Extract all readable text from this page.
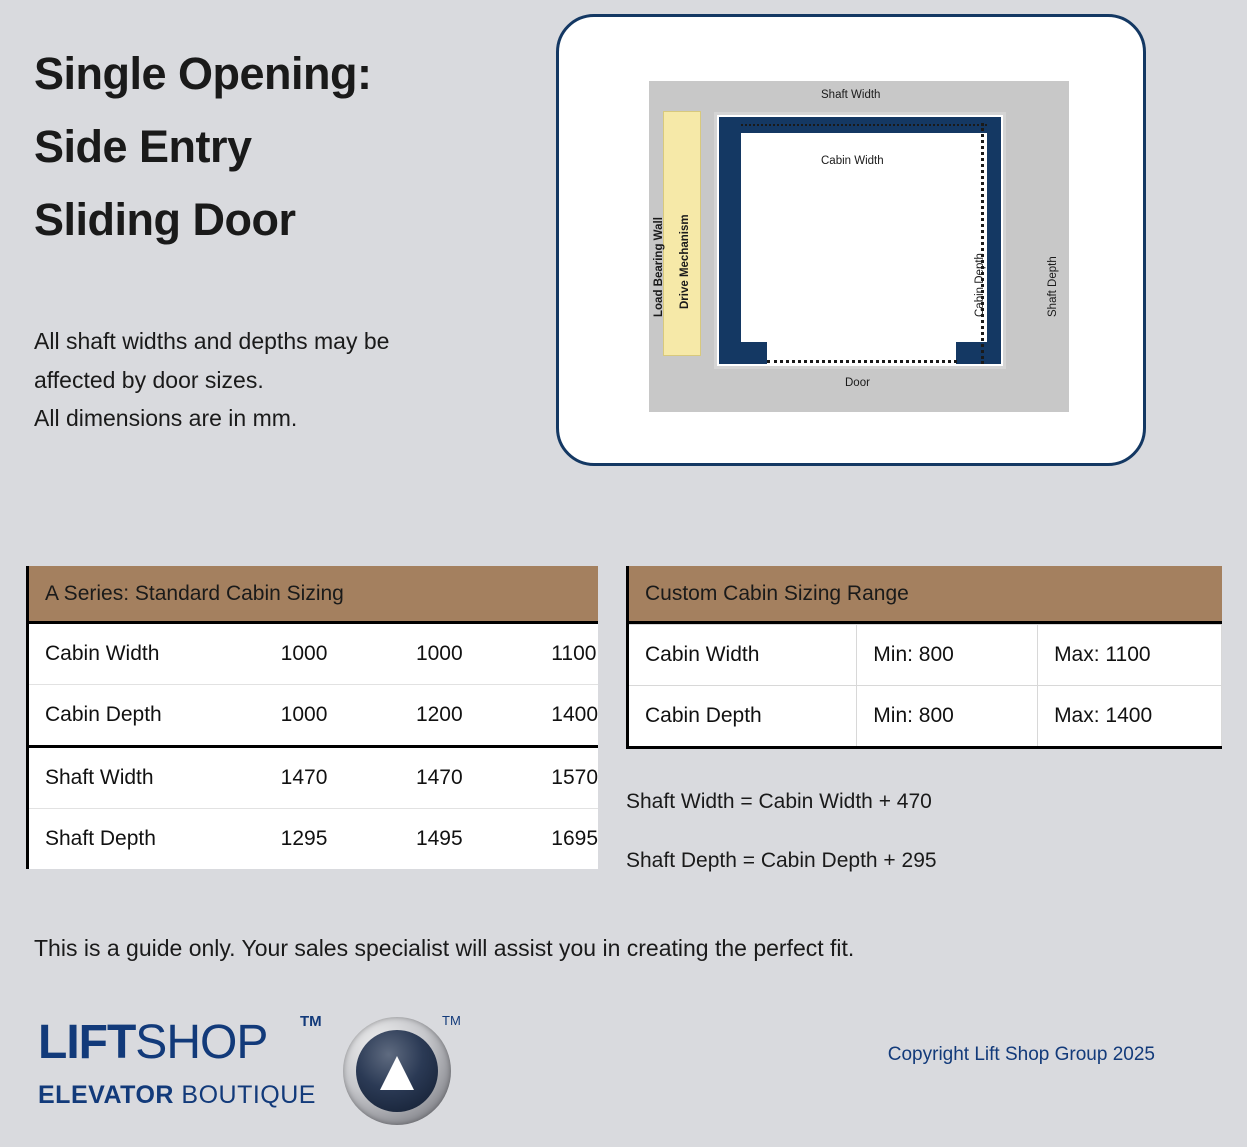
Single Opening:
Side Entry
Sliding Door
All shaft widths and depths may be
affected by door sizes.
All dimensions are in mm.
Shaft Width
Cabin Width
Door
Load Bearing Wall Drive Mechanism	Cabin Depth	Shaft Depth
A Series: Standard Cabin Sizing
Cabin Width	1000	1000	1100
Cabin Depth	1000	1200	1400
Shaft Width	1470	1470	1570
Shaft Depth	1295	1495	1695
Custom Cabin Sizing Range
Cabin Width	Min: 800	Max: 1100
Cabin Depth	Min: 800	Max: 1400
Shaft Width = Cabin Width + 470
Shaft Depth = Cabin Depth + 295
This is a guide only. Your sales specialist will assist you in creating the perfect fit.
LIFTSHOP TM	TM
ELEVATOR BOUTIQUE
Copyright Lift Shop Group 2025
